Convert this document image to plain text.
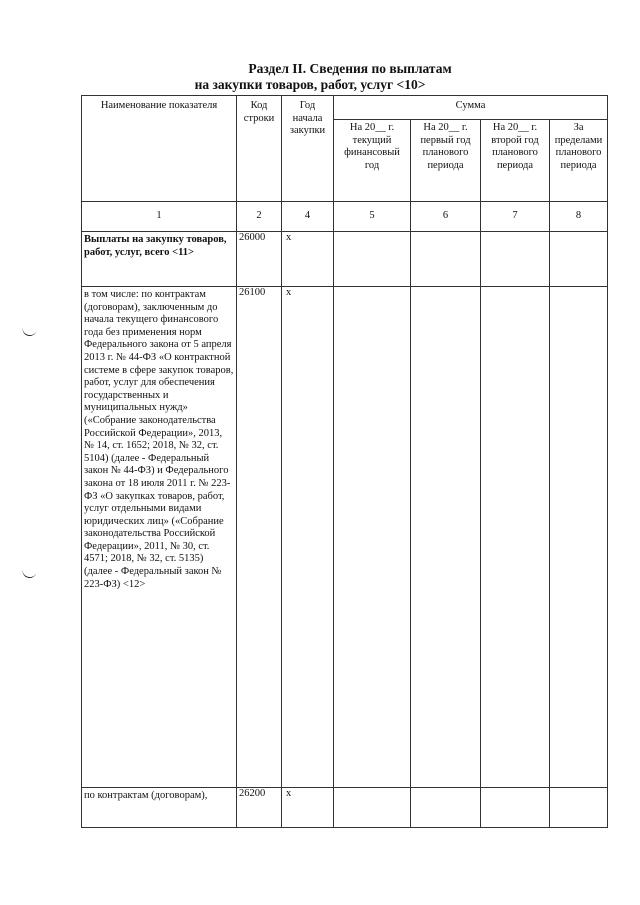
Раздел II. Сведения по выплатам
на закупки товаров, работ, услуг <10>
Наименование показателя	Код строки	Год начала закупки	Сумма			
			На 20__ г. текущий финансовый год	На 20__ г. первый год планового периода	На 20__ г. второй год планового периода	За пределами планового периода
1	2	4	5	6	7	8
Выплаты на закупку товаров, работ, услуг, всего <11>	26000	x				
в том числе: по контрактам (договорам), заключенным до начала текущего финансового года без применения норм Федерального закона от 5 апреля 2013 г. № 44-ФЗ «О контрактной системе в сфере закупок товаров, работ, услуг для обеспечения государственных и муниципальных нужд» («Собрание законодательства Российской Федерации», 2013, № 14, ст. 1652; 2018, № 32, ст. 5104) (далее - Федеральный закон № 44-ФЗ) и Федерального закона от 18 июля 2011 г. № 223-ФЗ «О закупках товаров, работ, услуг отдельными видами юридических лиц» («Собрание законодательства Российской Федерации», 2011, № 30, ст. 4571; 2018, № 32, ст. 5135) (далее - Федеральный закон № 223-ФЗ) <12>	26100	x				
по контрактам (договорам),	26200	x				
